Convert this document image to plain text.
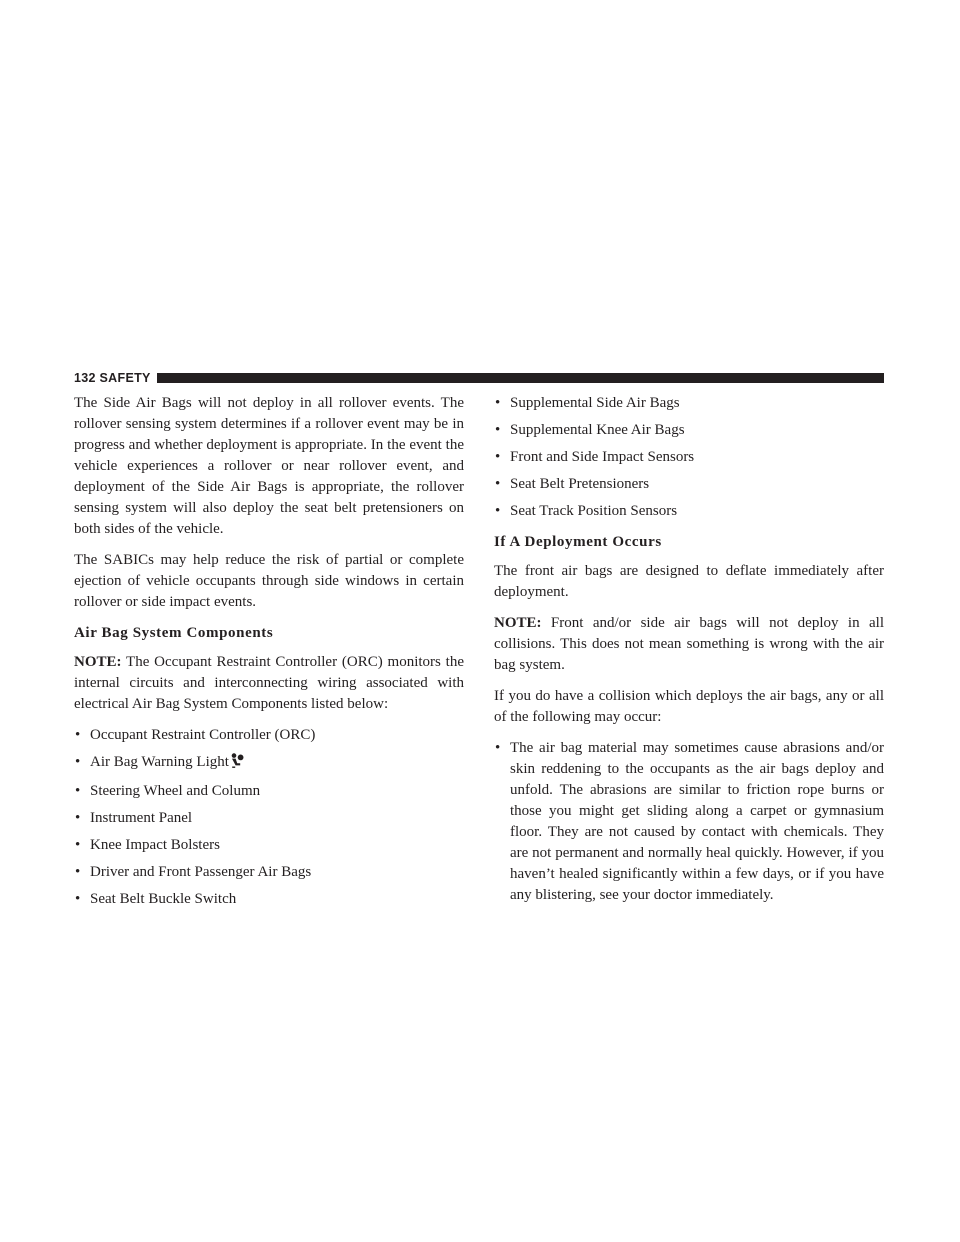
132 SAFETY

The Side Air Bags will not deploy in all rollover events. The rollover sensing system determines if a rollover event may be in progress and whether deployment is appropriate. In the event the vehicle experiences a rollover or near rollover event, and deployment of the Side Air Bags is appropriate, the rollover sensing system will also deploy the seat belt pretensioners on both sides of the vehicle.

The SABICs may help reduce the risk of partial or complete ejection of vehicle occupants through side windows in certain rollover or side impact events.

Air Bag System Components

NOTE: The Occupant Restraint Controller (ORC) monitors the internal circuits and interconnecting wiring associated with electrical Air Bag System Components listed below:

• Occupant Restraint Controller (ORC)
• Air Bag Warning Light
• Steering Wheel and Column
• Instrument Panel
• Knee Impact Bolsters
• Driver and Front Passenger Air Bags
• Seat Belt Buckle Switch
• Supplemental Side Air Bags
• Supplemental Knee Air Bags
• Front and Side Impact Sensors
• Seat Belt Pretensioners
• Seat Track Position Sensors
If A Deployment Occurs

The front air bags are designed to deflate immediately after deployment.

NOTE: Front and/or side air bags will not deploy in all collisions. This does not mean something is wrong with the air bag system.

If you do have a collision which deploys the air bags, any or all of the following may occur:

• The air bag material may sometimes cause abrasions and/or skin reddening to the occupants as the air bags deploy and unfold. The abrasions are similar to friction rope burns or those you might get sliding along a carpet or gymnasium floor. They are not caused by contact with chemicals. They are not permanent and normally heal quickly. However, if you haven’t healed significantly within a few days, or if you have any blistering, see your doctor immediately.
